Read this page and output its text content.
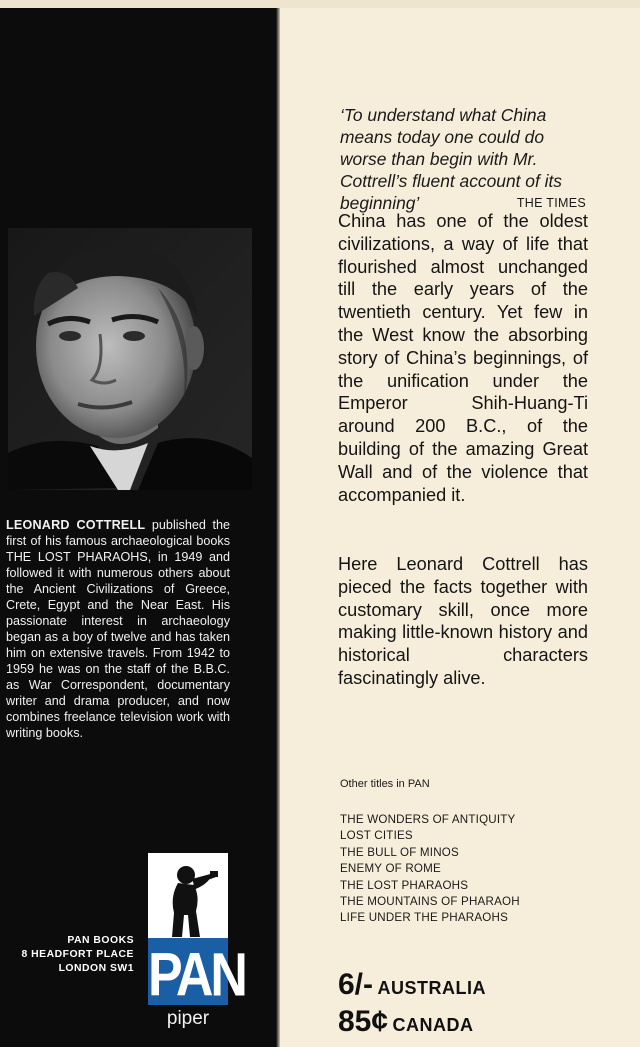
LEONARD COTTRELL published the first of his famous archaeological books THE LOST PHARAOHS, in 1949 and followed it with numerous others about the Ancient Civilizations of Greece, Crete, Egypt and the Near East. His passionate interest in archaeology began as a boy of twelve and has taken him on extensive travels. From 1942 to 1959 he was on the staff of the B.B.C. as War Correspondent, documentary writer and drama producer, and now combines freelance television work with writing books.
PAN
piper
PAN BOOKS
8 HEADFORT PLACE
LONDON SW1
‘To understand what China means today one could do worse than begin with Mr. Cottrell’s fluent account of its beginning’	THE TIMES
China has one of the oldest civilizations, a way of life that flourished almost unchanged till the early years of the twentieth century. Yet few in the West know the absorbing story of China’s beginnings, of the unification under the Emperor Shih-Huang-Ti around 200 B.C., of the building of the amazing Great Wall and of the violence that accompanied it.
Here Leonard Cottrell has pieced the facts together with customary skill, once more making little-known history and historical characters fascinatingly alive.
Other titles in PAN
THE WONDERS OF ANTIQUITY
LOST CITIES
THE BULL OF MINOS
ENEMY OF ROME
THE LOST PHARAOHS
THE MOUNTAINS OF PHARAOH
LIFE UNDER THE PHARAOHS
6/- AUSTRALIA
85¢ CANADA
